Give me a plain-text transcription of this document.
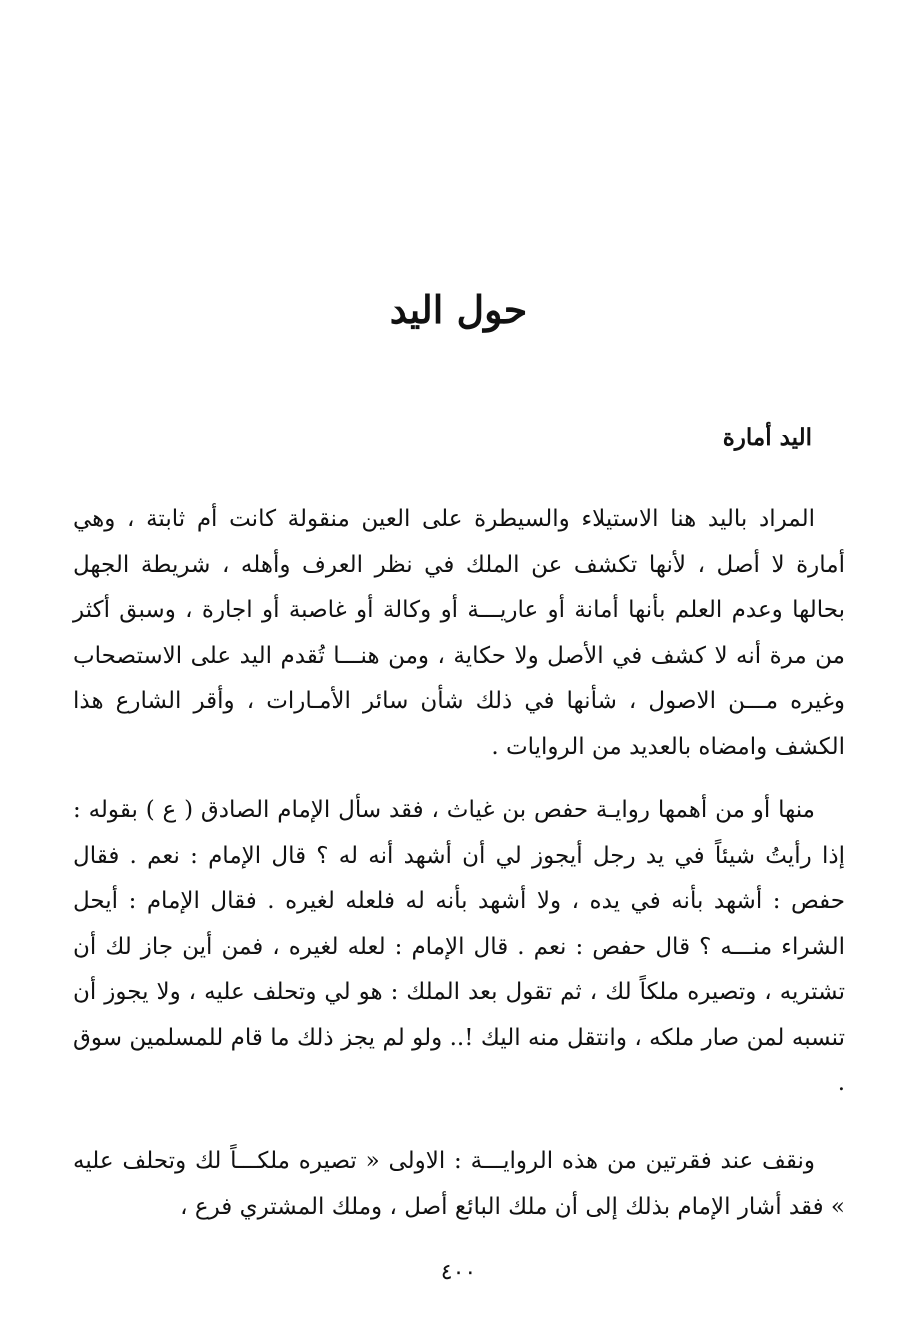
حول اليد
اليد أمارة

المراد باليد هنا الاستيلاء والسيطرة على العين منقولة كانت أم ثابتة ، وهي أمارة لا أصل ، لأنها تكشف عن الملك في نظر العرف وأهله ، شريطة الجهل بحالها وعدم العلم بأنها أمانة أو عاريـــة أو وكالة أو غاصبة أو اجارة ، وسبق أكثر من مرة أنه لا كشف في الأصل ولا حكاية ، ومن هنـــا تُقدم اليد على الاستصحاب وغيره مـــن الاصول ، شأنها في ذلك شأن سائر الأمـارات ، وأقر الشارع هذا الكشف وامضاه بالعديد من الروايات .

منها أو من أهمها روايـة حفص بن غياث ، فقد سأل الإمام الصادق ( ع ) بقوله : إذا رأيتُ شيئاً في يد رجل أيجوز لي أن أشهد أنه له ؟ قال الإمام : نعم . فقال حفص : أشهد بأنه في يده ، ولا أشهد بأنه له فلعله لغيره . فقال الإمام : أيحل الشراء منـــه ؟ قال حفص : نعم . قال الإمام : لعله لغيره ، فمن أين جاز لك أن تشتريه ، وتصيره ملكاً لك ، ثم تقول بعد الملك : هو لي وتحلف عليه ، ولا يجوز أن تنسبه لمن صار ملكه ، وانتقل منه اليك !.. ولو لم يجز ذلك ما قام للمسلمين سوق .

ونقف عند فقرتين من هذه الروايـــة : الاولى « تصيره ملكـــاً لك وتحلف عليه » فقد أشار الإمام بذلك إلى أن ملك البائع أصل ، وملك المشتري فرع ،

٤٠٠
